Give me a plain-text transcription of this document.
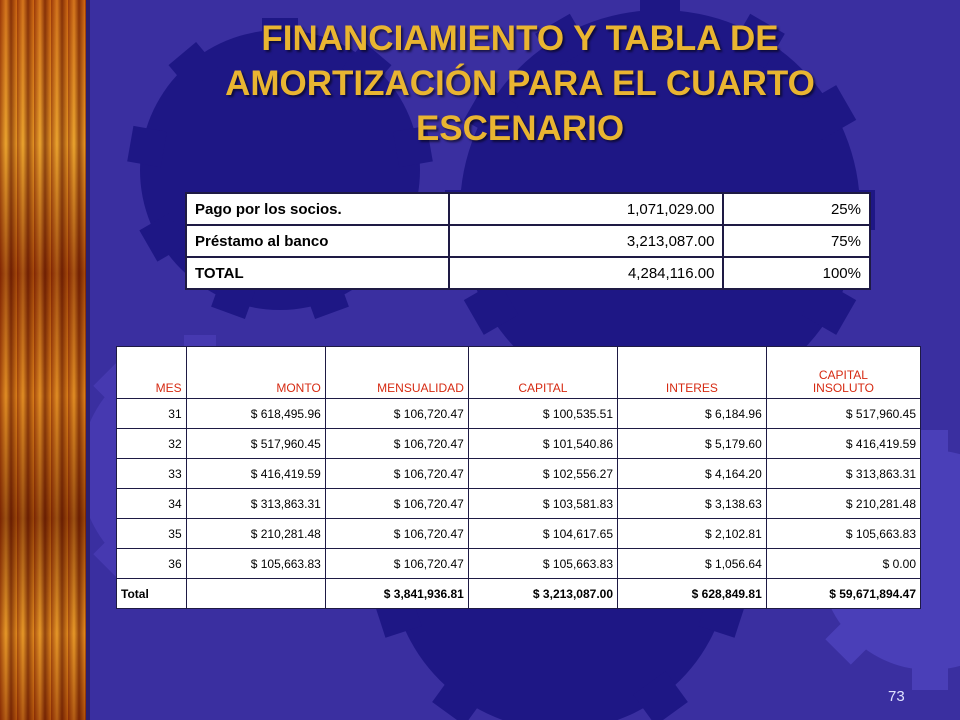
FINANCIAMIENTO Y TABLA DE
AMORTIZACIÓN PARA EL CUARTO
ESCENARIO
Pago por los socios.	1,071,029.00	25%
Préstamo al banco	3,213,087.00	75%
TOTAL	4,284,116.00	100%
MES	MONTO	MENSUALIDAD	CAPITAL	INTERES	CAPITAL
INSOLUTO
31	$ 618,495.96	$ 106,720.47	$ 100,535.51	$ 6,184.96	$ 517,960.45
32	$ 517,960.45	$ 106,720.47	$ 101,540.86	$ 5,179.60	$ 416,419.59
33	$ 416,419.59	$ 106,720.47	$ 102,556.27	$ 4,164.20	$ 313,863.31
34	$ 313,863.31	$ 106,720.47	$ 103,581.83	$ 3,138.63	$ 210,281.48
35	$ 210,281.48	$ 106,720.47	$ 104,617.65	$ 2,102.81	$ 105,663.83
36	$ 105,663.83	$ 106,720.47	$ 105,663.83	$ 1,056.64	$ 0.00
Total		$ 3,841,936.81	$ 3,213,087.00	$ 628,849.81	$ 59,671,894.47
73
